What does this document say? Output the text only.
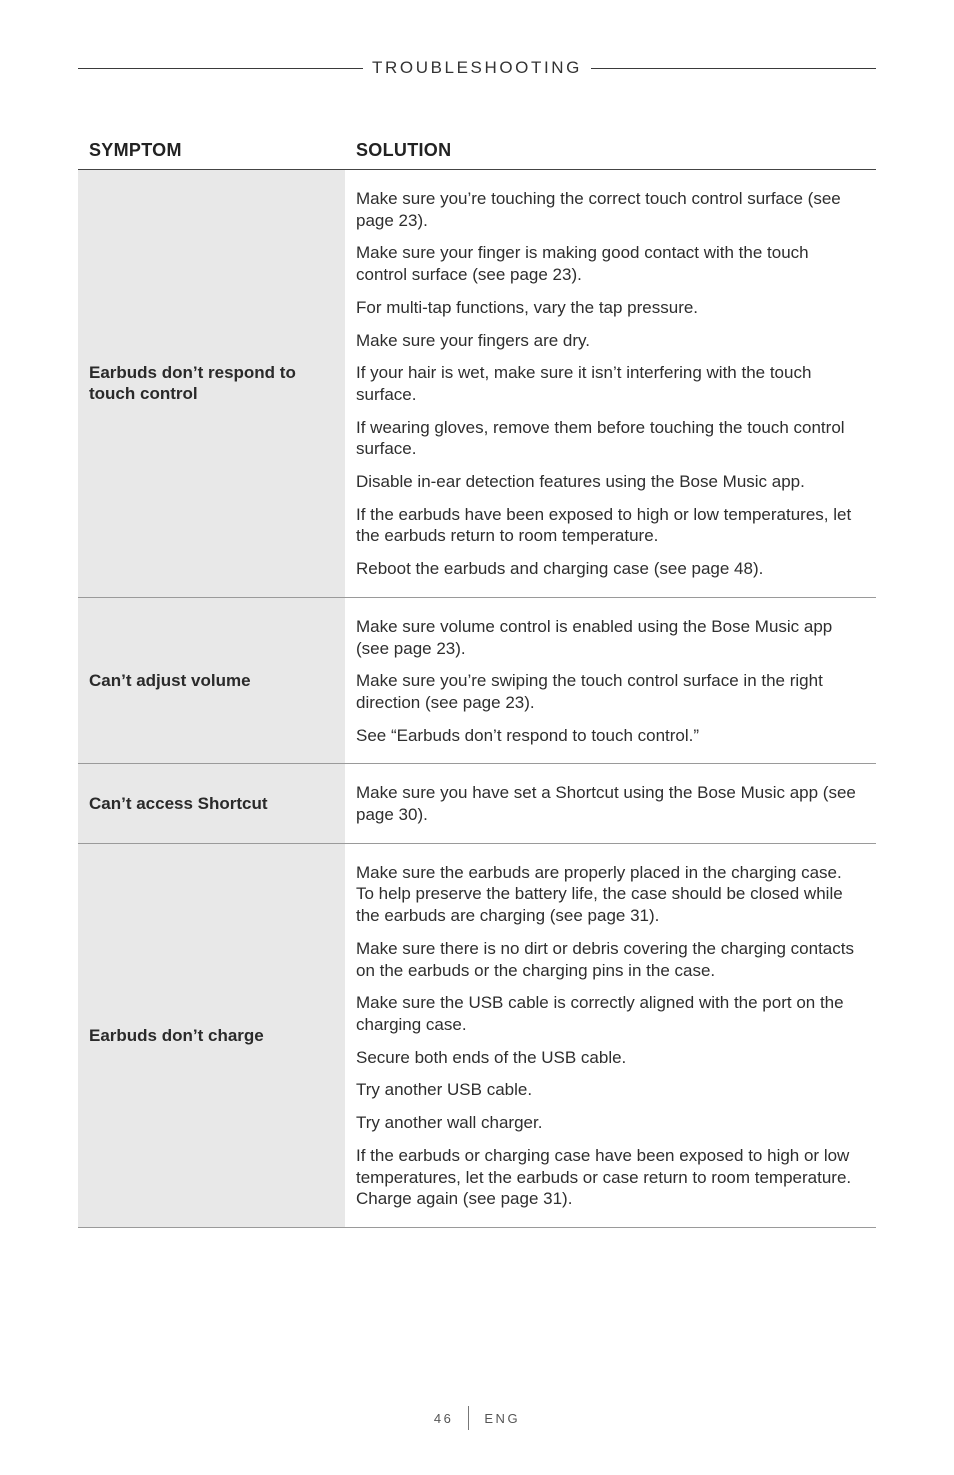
TROUBLESHOOTING
SYMPTOM	SOLUTION
Earbuds don’t respond to touch control

Make sure you’re touching the correct touch control surface (see page 23).

Make sure your finger is making good contact with the touch control surface (see page 23).

For multi-tap functions, vary the tap pressure.

Make sure your fingers are dry.

If your hair is wet, make sure it isn’t interfering with the touch surface.

If wearing gloves, remove them before touching the touch control surface.

Disable in-ear detection features using the Bose Music app.

If the earbuds have been exposed to high or low temperatures, let the earbuds return to room temperature.

Reboot the earbuds and charging case (see page 48).

Can’t adjust volume

Make sure volume control is enabled using the Bose Music app (see page 23).

Make sure you’re swiping the touch control surface in the right direction (see page 23).

See “Earbuds don’t respond to touch control.”

Can’t access Shortcut

Make sure you have set a Shortcut using the Bose Music app (see page 30).

Earbuds don’t charge

Make sure the earbuds are properly placed in the charging case. To help preserve the battery life, the case should be closed while the earbuds are charging (see page 31).

Make sure there is no dirt or debris covering the charging contacts on the earbuds or the charging pins in the case.

Make sure the USB cable is correctly aligned with the port on the charging case.

Secure both ends of the USB cable.

Try another USB cable.

Try another wall charger.

If the earbuds or charging case have been exposed to high or low temperatures, let the earbuds or case return to room temperature. Charge again (see page 31).

46 ENG
